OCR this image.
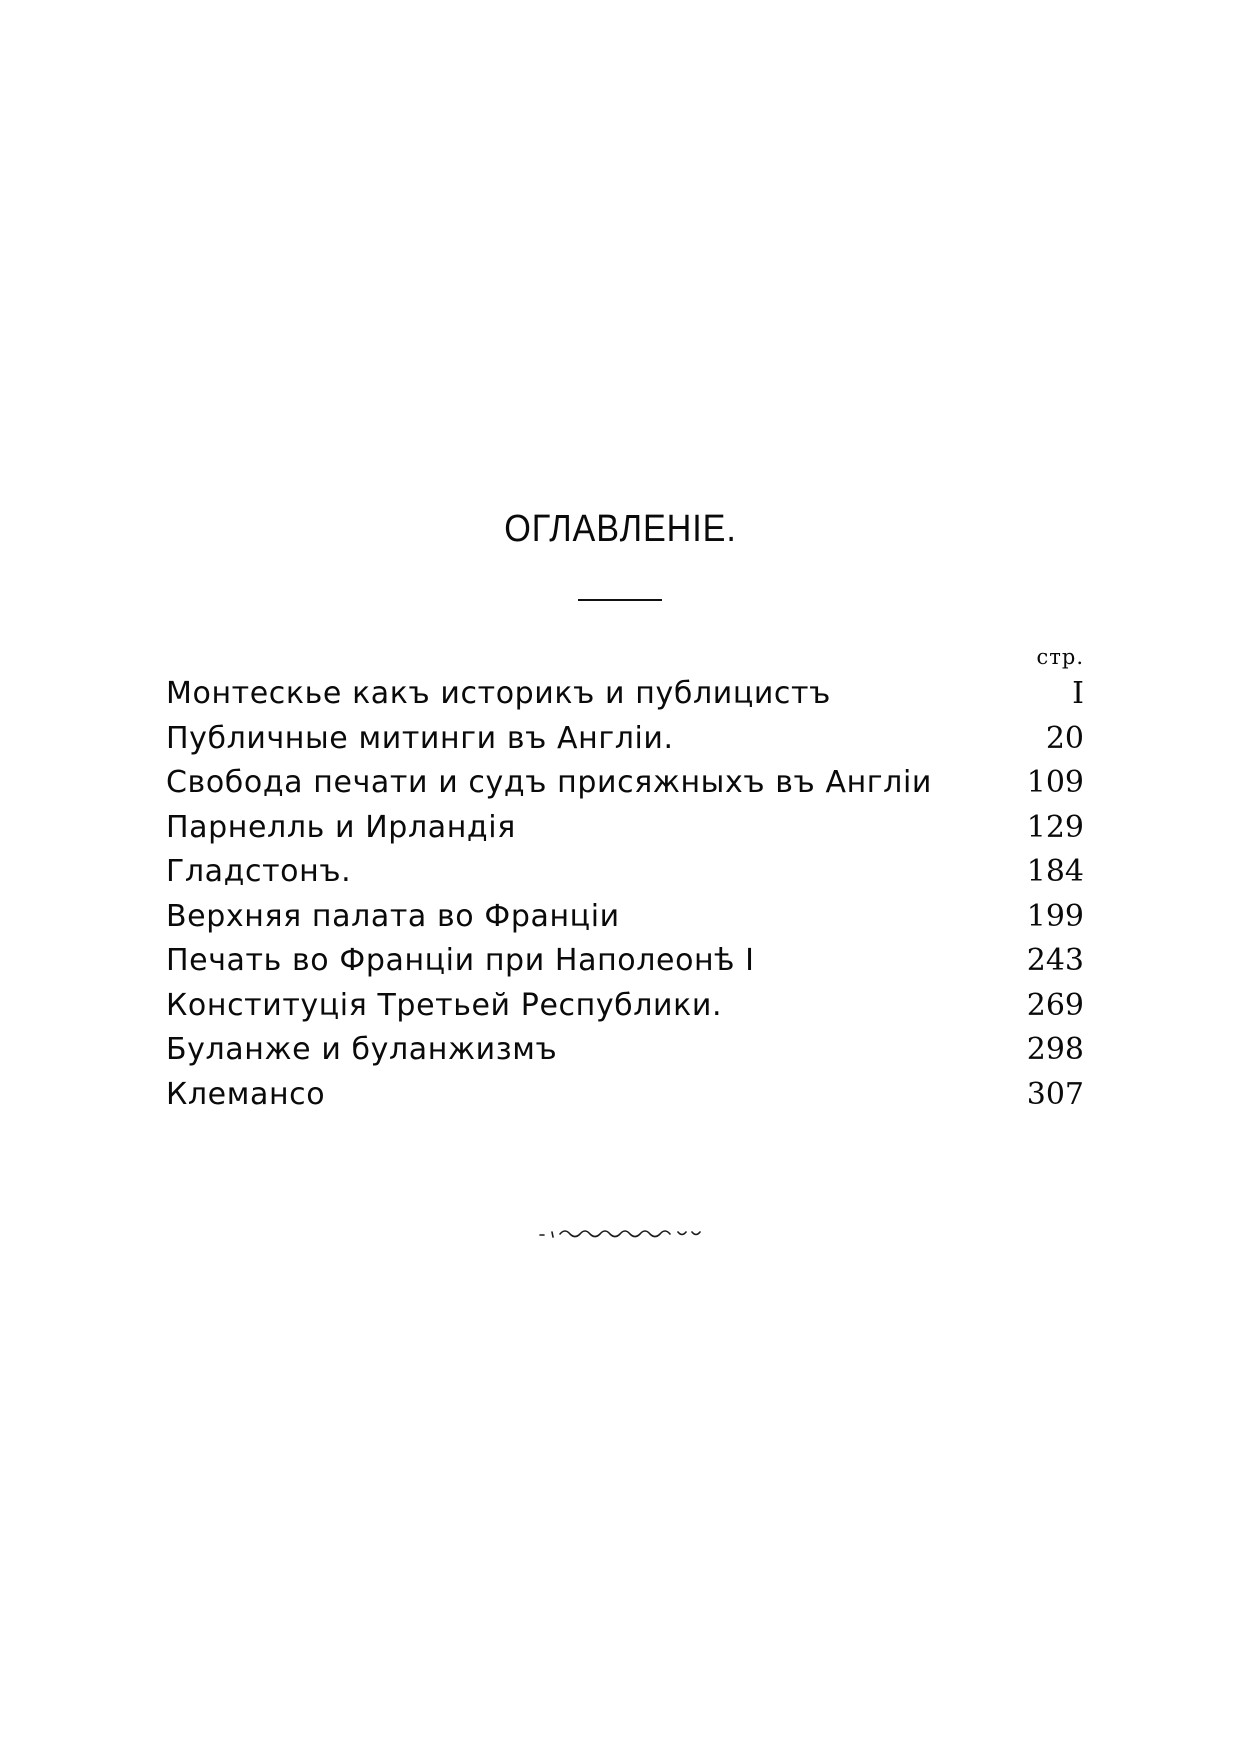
ОГЛАВЛЕНIЕ.
стр.
Монтескье какъ историкъ и публицистъ	I
Публичные митинги въ Англiи.	20
Свобода печати и судъ присяжныхъ въ Англiи	109
Парнелль и Ирландiя	129
Гладстонъ.	184
Верхняя палата во Францiи	199
Печать во Францiи при Наполеонѣ I	243
Конституцiя Третьей Республики.	269
Буланже и буланжизмъ	298
Клемансо	307
